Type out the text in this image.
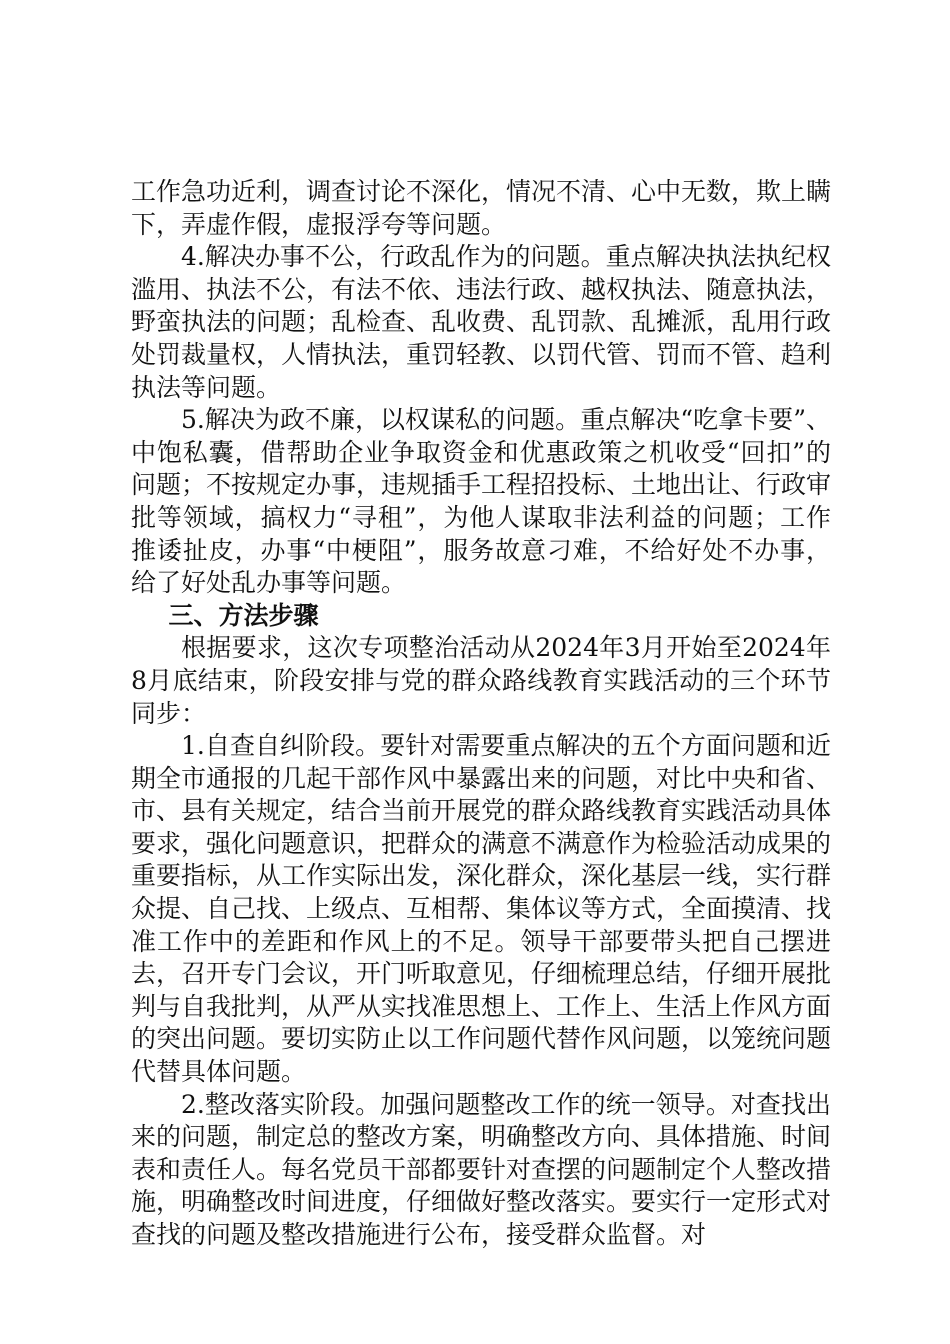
工作急功近利，调查讨论不深化，情况不清、心中无数，欺上瞒下，弄虚作假，虚报浮夸等问题。

4.解决办事不公，行政乱作为的问题。重点解决执法执纪权滥用、执法不公，有法不依、违法行政、越权执法、随意执法，野蛮执法的问题；乱检查、乱收费、乱罚款、乱摊派，乱用行政处罚裁量权，人情执法，重罚轻教、以罚代管、罚而不管、趋利执法等问题。

5.解决为政不廉，以权谋私的问题。重点解决“吃拿卡要”、中饱私囊，借帮助企业争取资金和优惠政策之机收受“回扣”的问题；不按规定办事，违规插手工程招投标、土地出让、行政审批等领域，搞权力“寻租”，为他人谋取非法利益的问题；工作推诿扯皮，办事“中梗阻”，服务故意刁难，不给好处不办事，给了好处乱办事等问题。

三、方法步骤

根据要求，这次专项整治活动从2024年3月开始至2024年8月底结束，阶段安排与党的群众路线教育实践活动的三个环节同步：

1.自查自纠阶段。要针对需要重点解决的五个方面问题和近期全市通报的几起干部作风中暴露出来的问题，对比中央和省、市、县有关规定，结合当前开展党的群众路线教育实践活动具体要求，强化问题意识，把群众的满意不满意作为检验活动成果的重要指标，从工作实际出发，深化群众，深化基层一线，实行群众提、自己找、上级点、互相帮、集体议等方式，全面摸清、找准工作中的差距和作风上的不足。领导干部要带头把自己摆进去，召开专门会议，开门听取意见，仔细梳理总结，仔细开展批判与自我批判，从严从实找准思想上、工作上、生活上作风方面的突出问题。要切实防止以工作问题代替作风问题，以笼统问题代替具体问题。

2.整改落实阶段。加强问题整改工作的统一领导。对查找出来的问题，制定总的整改方案，明确整改方向、具体措施、时间表和责任人。每名党员干部都要针对查摆的问题制定个人整改措施，明确整改时间进度，仔细做好整改落实。要实行一定形式对查找的问题及整改措施进行公布，接受群众监督。对
